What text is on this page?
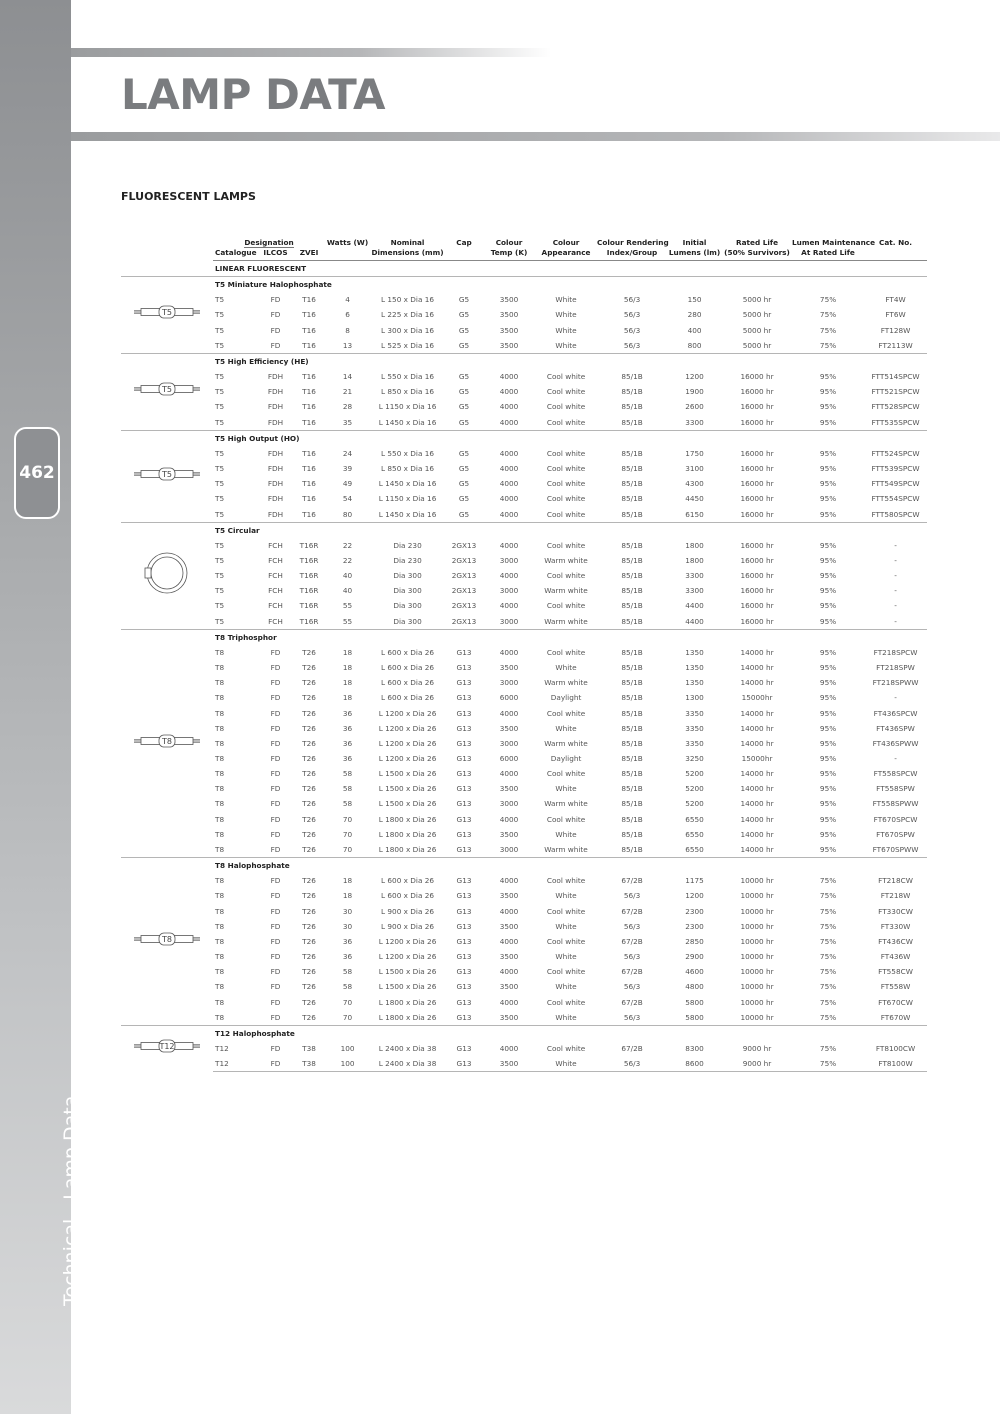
462
Technical - Lamp Data
LAMP DATA
FLUORESCENT LAMPS
	Designation			Watts (W)	Nominal	Cap	Colour	Colour	Colour Rendering	Initial	Rated Life	Lumen Maintenance	Cat. No.
	Catalogue	ILCOS	ZVEI		Dimensions (mm)		Temp (K)	Appearance	Index/Group	Lumens (lm)	(50% Survivors)	At Rated Life	
	LINEAR FLUORESCENT												

T5	T5 Miniature Halophosphate												
	T5	FD	T16	4	L 150 x Dia 16	G5	3500	White	56/3	150	5000 hr	75%	FT4W
	T5	FD	T16	6	L 225 x Dia 16	G5	3500	White	56/3	280	5000 hr	75%	FT6W
	T5	FD	T16	8	L 300 x Dia 16	G5	3500	White	56/3	400	5000 hr	75%	FT128W
	T5	FD	T16	13	L 525 x Dia 16	G5	3500	White	56/3	800	5000 hr	75%	FT2113W

T5	T5 High Efficiency (HE)												
	T5	FDH	T16	14	L 550 x Dia 16	G5	4000	Cool white	85/1B	1200	16000 hr	95%	FTT514SPCW
	T5	FDH	T16	21	L 850 x Dia 16	G5	4000	Cool white	85/1B	1900	16000 hr	95%	FTT521SPCW
	T5	FDH	T16	28	L 1150 x Dia 16	G5	4000	Cool white	85/1B	2600	16000 hr	95%	FTT528SPCW
	T5	FDH	T16	35	L 1450 x Dia 16	G5	4000	Cool white	85/1B	3300	16000 hr	95%	FTT535SPCW

T5	T5 High Output (HO)												
	T5	FDH	T16	24	L 550 x Dia 16	G5	4000	Cool white	85/1B	1750	16000 hr	95%	FTT524SPCW
	T5	FDH	T16	39	L 850 x Dia 16	G5	4000	Cool white	85/1B	3100	16000 hr	95%	FTT539SPCW
	T5	FDH	T16	49	L 1450 x Dia 16	G5	4000	Cool white	85/1B	4300	16000 hr	95%	FTT549SPCW
	T5	FDH	T16	54	L 1150 x Dia 16	G5	4000	Cool white	85/1B	4450	16000 hr	95%	FTT554SPCW
	T5	FDH	T16	80	L 1450 x Dia 16	G5	4000	Cool white	85/1B	6150	16000 hr	95%	FTT580SPCW
	T5 Circular												
	T5	FCH	T16R	22	Dia 230	2GX13	4000	Cool white	85/1B	1800	16000 hr	95%	-
	T5	FCH	T16R	22	Dia 230	2GX13	3000	Warm white	85/1B	1800	16000 hr	95%	-
	T5	FCH	T16R	40	Dia 300	2GX13	4000	Cool white	85/1B	3300	16000 hr	95%	-
	T5	FCH	T16R	40	Dia 300	2GX13	3000	Warm white	85/1B	3300	16000 hr	95%	-
	T5	FCH	T16R	55	Dia 300	2GX13	4000	Cool white	85/1B	4400	16000 hr	95%	-
	T5	FCH	T16R	55	Dia 300	2GX13	3000	Warm white	85/1B	4400	16000 hr	95%	-

T8	T8 Triphosphor												
	T8	FD	T26	18	L 600 x Dia 26	G13	4000	Cool white	85/1B	1350	14000 hr	95%	FT218SPCW
	T8	FD	T26	18	L 600 x Dia 26	G13	3500	White	85/1B	1350	14000 hr	95%	FT218SPW
	T8	FD	T26	18	L 600 x Dia 26	G13	3000	Warm white	85/1B	1350	14000 hr	95%	FT218SPWW
	T8	FD	T26	18	L 600 x Dia 26	G13	6000	Daylight	85/1B	1300	15000hr	95%	-
	T8	FD	T26	36	L 1200 x Dia 26	G13	4000	Cool white	85/1B	3350	14000 hr	95%	FT436SPCW
	T8	FD	T26	36	L 1200 x Dia 26	G13	3500	White	85/1B	3350	14000 hr	95%	FT436SPW
	T8	FD	T26	36	L 1200 x Dia 26	G13	3000	Warm white	85/1B	3350	14000 hr	95%	FT436SPWW
	T8	FD	T26	36	L 1200 x Dia 26	G13	6000	Daylight	85/1B	3250	15000hr	95%	-
	T8	FD	T26	58	L 1500 x Dia 26	G13	4000	Cool white	85/1B	5200	14000 hr	95%	FT558SPCW
	T8	FD	T26	58	L 1500 x Dia 26	G13	3500	White	85/1B	5200	14000 hr	95%	FT558SPW
	T8	FD	T26	58	L 1500 x Dia 26	G13	3000	Warm white	85/1B	5200	14000 hr	95%	FT558SPWW
	T8	FD	T26	70	L 1800 x Dia 26	G13	4000	Cool white	85/1B	6550	14000 hr	95%	FT670SPCW
	T8	FD	T26	70	L 1800 x Dia 26	G13	3500	White	85/1B	6550	14000 hr	95%	FT670SPW
	T8	FD	T26	70	L 1800 x Dia 26	G13	3000	Warm white	85/1B	6550	14000 hr	95%	FT670SPWW

T8	T8 Halophosphate												
	T8	FD	T26	18	L 600 x Dia 26	G13	4000	Cool white	67/2B	1175	10000 hr	75%	FT218CW
	T8	FD	T26	18	L 600 x Dia 26	G13	3500	White	56/3	1200	10000 hr	75%	FT218W
	T8	FD	T26	30	L 900 x Dia 26	G13	4000	Cool white	67/2B	2300	10000 hr	75%	FT330CW
	T8	FD	T26	30	L 900 x Dia 26	G13	3500	White	56/3	2300	10000 hr	75%	FT330W
	T8	FD	T26	36	L 1200 x Dia 26	G13	4000	Cool white	67/2B	2850	10000 hr	75%	FT436CW
	T8	FD	T26	36	L 1200 x Dia 26	G13	3500	White	56/3	2900	10000 hr	75%	FT436W
	T8	FD	T26	58	L 1500 x Dia 26	G13	4000	Cool white	67/2B	4600	10000 hr	75%	FT558CW
	T8	FD	T26	58	L 1500 x Dia 26	G13	3500	White	56/3	4800	10000 hr	75%	FT558W
	T8	FD	T26	70	L 1800 x Dia 26	G13	4000	Cool white	67/2B	5800	10000 hr	75%	FT670CW
	T8	FD	T26	70	L 1800 x Dia 26	G13	3500	White	56/3	5800	10000 hr	75%	FT670W

T12	T12 Halophosphate												
	T12	FD	T38	100	L 2400 x Dia 38	G13	4000	Cool white	67/2B	8300	9000 hr	75%	FT8100CW
	T12	FD	T38	100	L 2400 x Dia 38	G13	3500	White	56/3	8600	9000 hr	75%	FT8100W
